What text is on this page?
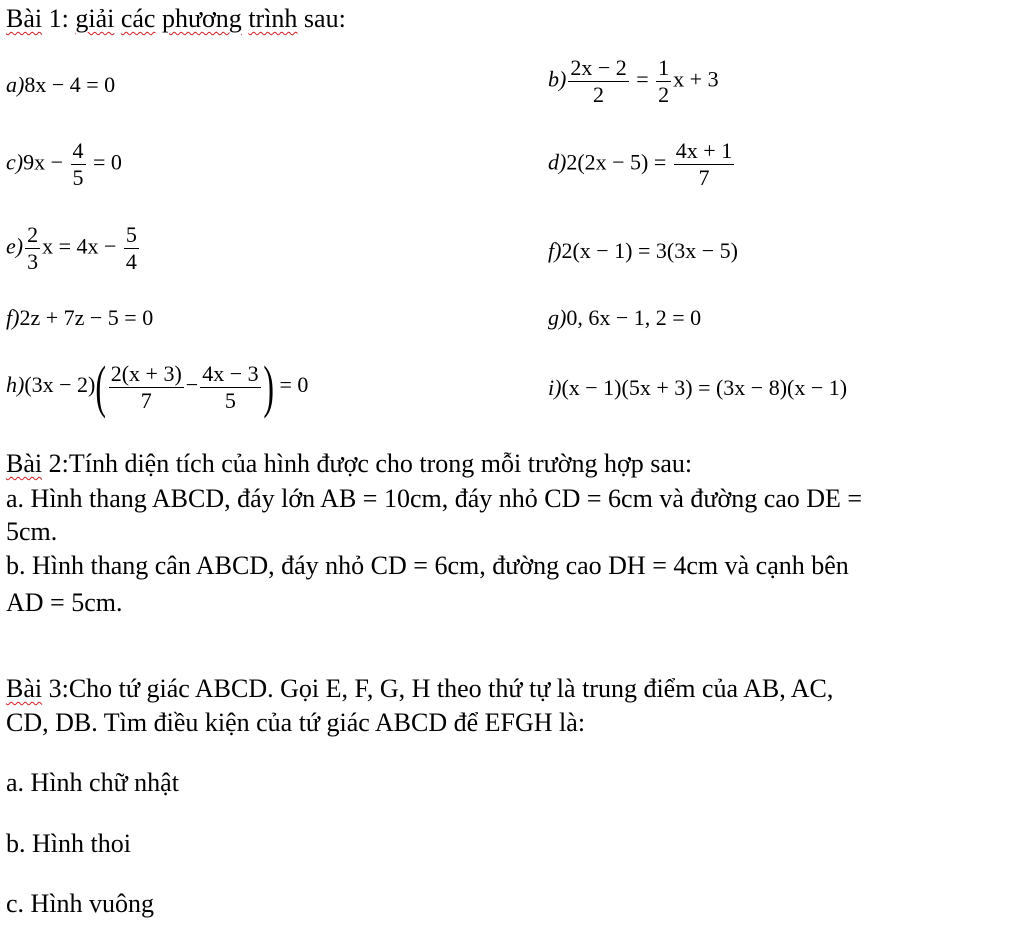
Bài 1: giải các phương trình sau:
a)8x − 4 = 0	$b) \frac{2x - 2}{2} = \frac{1}{2}$ x + 3
$c)9x - \frac{4}{5} = 0$	$d)2(2x - 5) = \frac{4x + 1}{7}$
$e) \frac{2}{3}$ $x = 4x - \frac{5}{4}$	f)2(x − 1) = 3(3x − 5)
f)2z + 7z − 5 = 0	g)0, 6x − 1, 2 = 0
$h)(3x - 2)( \frac{2(x + 3)}{7} - \frac{4x - 3}{5}$ ) = 0	i)(x − 1)(5x + 3) = (3x − 8)(x − 1)
Bài 2:Tính diện tích của hình được cho trong mỗi trường hợp sau:
a. Hình thang ABCD, đáy lớn AB = 10cm, đáy nhỏ CD = 6cm và đường cao DE =
5cm.
b. Hình thang cân ABCD, đáy nhỏ CD = 6cm, đường cao DH = 4cm và cạnh bên
AD = 5cm.
Bài 3:Cho tứ giác ABCD. Gọi E, F, G, H theo thứ tự là trung điểm của AB, AC,
CD, DB. Tìm điều kiện của tứ giác ABCD để EFGH là:
a. Hình chữ nhật
b. Hình thoi
c. Hình vuông
